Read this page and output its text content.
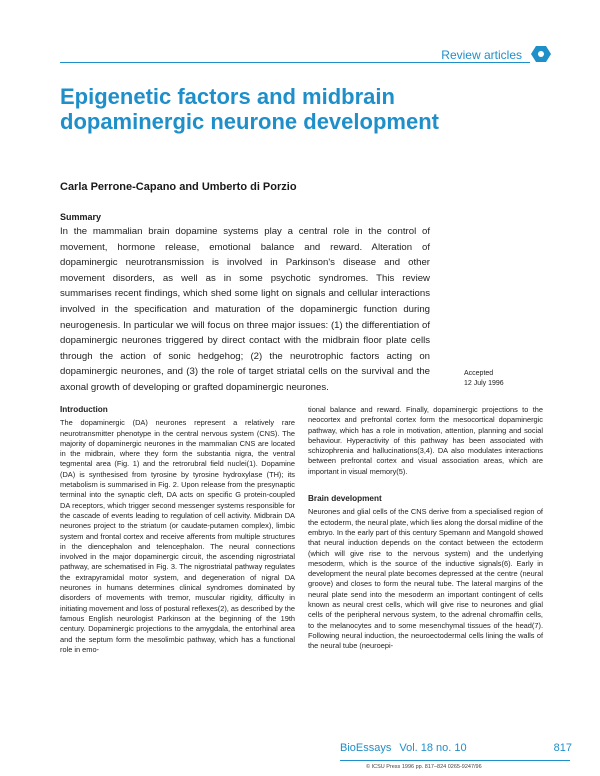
Review articles
Epigenetic factors and midbrain dopaminergic neurone development
Carla Perrone-Capano and Umberto di Porzio
Summary

In the mammalian brain dopamine systems play a central role in the control of movement, hormone release, emotional balance and reward. Alteration of dopaminergic neurotransmission is involved in Parkinson's disease and other movement disorders, as well as in some psychotic syndromes. This review summarises recent findings, which shed some light on signals and cellular interactions involved in the specification and maturation of the dopaminergic function during neurogenesis. In particular we will focus on three major issues: (1) the differentiation of dopaminergic neurones triggered by direct contact with the midbrain floor plate cells through the action of sonic hedgehog; (2) the neurotrophic factors acting on dopaminergic neurones, and (3) the role of target striatal cells on the survival and the axonal growth of developing or grafted dopaminergic neurones.

Accepted
12 July 1996
Introduction

The dopaminergic (DA) neurones represent a relatively rare neurotransmitter phenotype in the central nervous system (CNS). The majority of dopaminergic neurones in the mammalian CNS are located in the midbrain, where they form the substantia nigra, the ventral tegmental area (Fig. 1) and the retrorubral field nuclei(1). Dopamine (DA) is synthesised from tyrosine by tyrosine hydroxylase (TH); its metabolism is summarised in Fig. 2. Upon release from the presynaptic terminal into the synaptic cleft, DA acts on specific G protein-coupled DA receptors, which trigger second messenger systems responsible for the cascade of events leading to regulation of cell activity. Midbrain DA neurones project to the striatum (or caudate-putamen complex), limbic system and frontal cortex and receive afferents from multiple structures in the diencephalon and telencephalon. The neural connections involved in the major dopaminergic circuit, the ascending nigrostriatal pathway, are schematised in Fig. 3. The nigrostriatal pathway regulates the extrapyramidal motor system, and degeneration of nigral DA neurones in humans determines clinical syndromes dominated by disorders of movements with tremor, muscular rigidity, difficulty in initiating movement and loss of postural reflexes(2), as described by the famous English neurologist Parkinson at the beginning of the 19th century. Dopaminergic projections to the amygdala, the entorhinal area and the septum form the mesolimbic pathway, which has a functional role in emo-

tional balance and reward. Finally, dopaminergic projections to the neocortex and prefrontal cortex form the mesocortical dopaminergic pathway, which has a role in motivation, attention, planning and social behaviour. Hyperactivity of this pathway has been associated with schizophrenia and hallucinations(3,4). DA also modulates interactions between prefrontal cortex and visual association areas, which are important in visual memory(5).

Brain development

Neurones and glial cells of the CNS derive from a specialised region of the ectoderm, the neural plate, which lies along the dorsal midline of the embryo. In the early part of this century Spemann and Mangold showed that neural induction depends on the contact between the ectoderm (which will give rise to the nervous system) and the underlying mesoderm, which is the source of the inductive signals(6). Early in development the neural plate becomes depressed at the centre (neural groove) and closes to form the neural tube. The lateral margins of the neural plate send into the mesoderm an important contingent of cells known as neural crest cells, which will give rise to neurones and glial cells of the peripheral nervous system, to the adrenal chromaffin cells, to the melanocytes and to some mesenchymal tissues of the head(7). Following neural induction, the neuroectodermal cells lining the walls of the neural tube (neuroepi-

BioEssays Vol. 18 no. 10	817
© ICSU Press 1996 pp. 817–824 0265-9247/96
